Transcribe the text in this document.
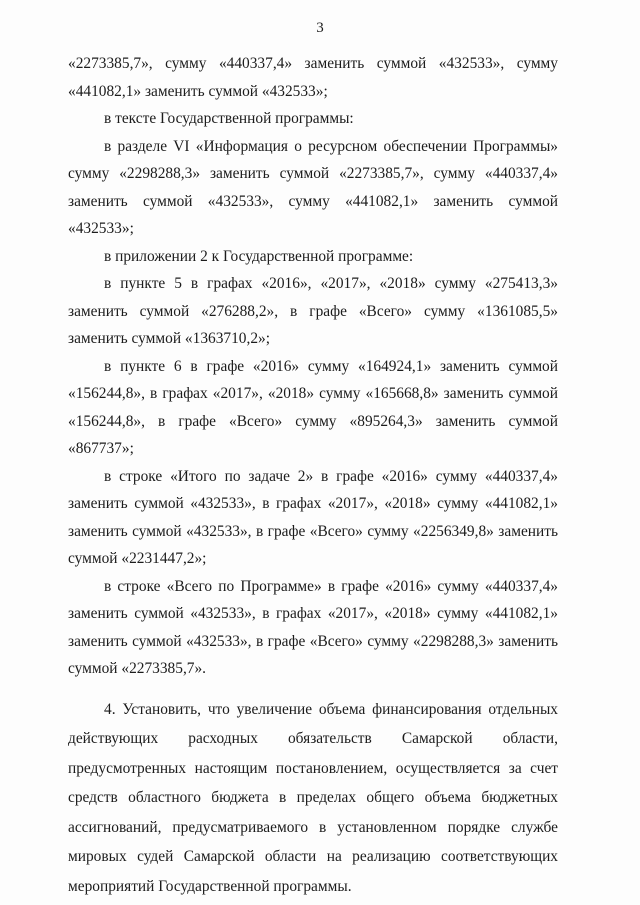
3

«2273385,7», сумму «440337,4» заменить суммой «432533», сумму «441082,1» заменить суммой «432533»;

в тексте Государственной программы:

в разделе VI «Информация о ресурсном обеспечении Программы» сумму «2298288,3» заменить суммой «2273385,7», сумму «440337,4» заменить суммой «432533», сумму «441082,1» заменить суммой «432533»;

в приложении 2 к Государственной программе:

в пункте 5 в графах «2016», «2017», «2018» сумму «275413,3» заменить суммой «276288,2», в графе «Всего» сумму «1361085,5» заменить суммой «1363710,2»;

в пункте 6 в графе «2016» сумму «164924,1» заменить суммой «156244,8», в графах «2017», «2018» сумму «165668,8» заменить суммой «156244,8», в графе «Всего» сумму «895264,3» заменить суммой «867737»;

в строке «Итого по задаче 2» в графе «2016» сумму «440337,4» заменить суммой «432533», в графах «2017», «2018» сумму «441082,1» заменить суммой «432533», в графе «Всего» сумму «2256349,8» заменить суммой «2231447,2»;

в строке «Всего по Программе» в графе «2016» сумму «440337,4» заменить суммой «432533», в графах «2017», «2018» сумму «441082,1» заменить суммой «432533», в графе «Всего» сумму «2298288,3» заменить суммой «2273385,7».

4. Установить, что увеличение объема финансирования отдельных действующих расходных обязательств Самарской области, предусмотренных настоящим постановлением, осуществляется за счет средств областного бюджета в пределах общего объема бюджетных ассигнований, предусматриваемого в установленном порядке службе мировых судей Самарской области на реализацию соответствующих мероприятий Государственной программы.
